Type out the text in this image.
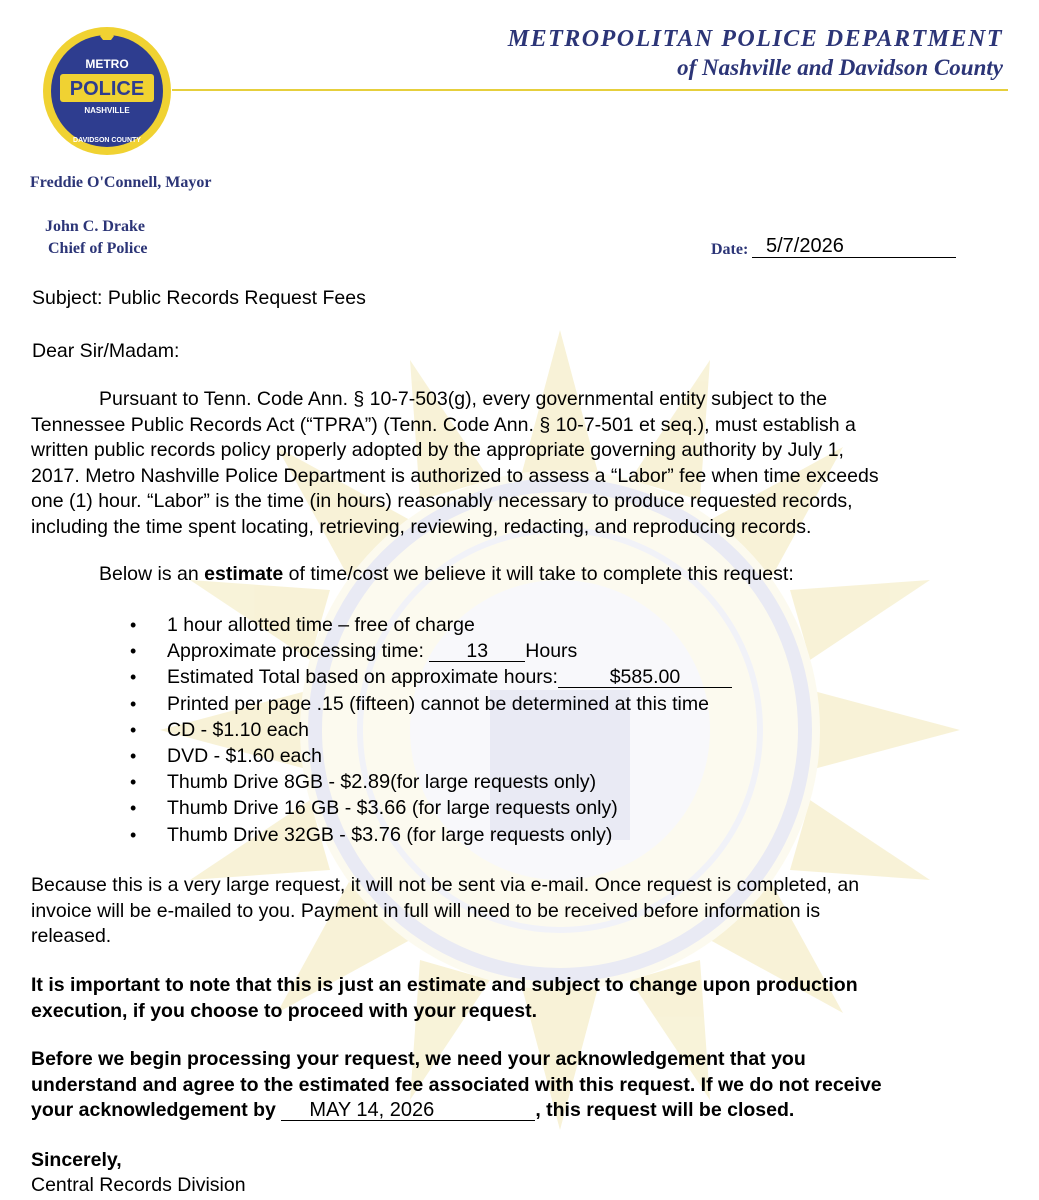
METRO
POLICE
NASHVILLE
DAVIDSON COUNTY
METROPOLITAN POLICE DEPARTMENT
of Nashville and Davidson County
Freddie O'Connell, Mayor
John C. Drake
Chief of Police	Date: 5/7/2026
Subject: Public Records Request Fees
Dear Sir/Madam:
Pursuant to Tenn. Code Ann. § 10-7-503(g), every governmental entity subject to the
Tennessee Public Records Act (“TPRA”) (Tenn. Code Ann. § 10-7-501 et seq.), must establish a
written public records policy properly adopted by the appropriate governing authority by July 1,
2017. Metro Nashville Police Department is authorized to assess a “Labor” fee when time exceeds
one (1) hour. “Labor” is the time (in hours) reasonably necessary to produce requested records,
including the time spent locating, retrieving, reviewing, redacting, and reproducing records.
Below is an estimate of time/cost we believe it will take to complete this request:
• 1 hour allotted time – free of charge
• Approximate processing time: 13 Hours
• Estimated Total based on approximate hours:	$585.00
• Printed per page .15 (fifteen) cannot be determined at this time
• CD - $1.10 each
• DVD - $1.60 each
• Thumb Drive 8GB - $2.89(for large requests only)
• Thumb Drive 16 GB - $3.66 (for large requests only)
• Thumb Drive 32GB - $3.76 (for large requests only)
Because this is a very large request, it will not be sent via e-mail. Once request is completed, an
invoice will be e-mailed to you. Payment in full will need to be received before information is
released.
It is important to note that this is just an estimate and subject to change upon production
execution, if you choose to proceed with your request.
Before we begin processing your request, we need your acknowledgement that you
understand and agree to the estimated fee associated with this request. If we do not receive
your acknowledgement by MAY 14, 2026	, this request will be closed.
Sincerely,
Central Records Division
